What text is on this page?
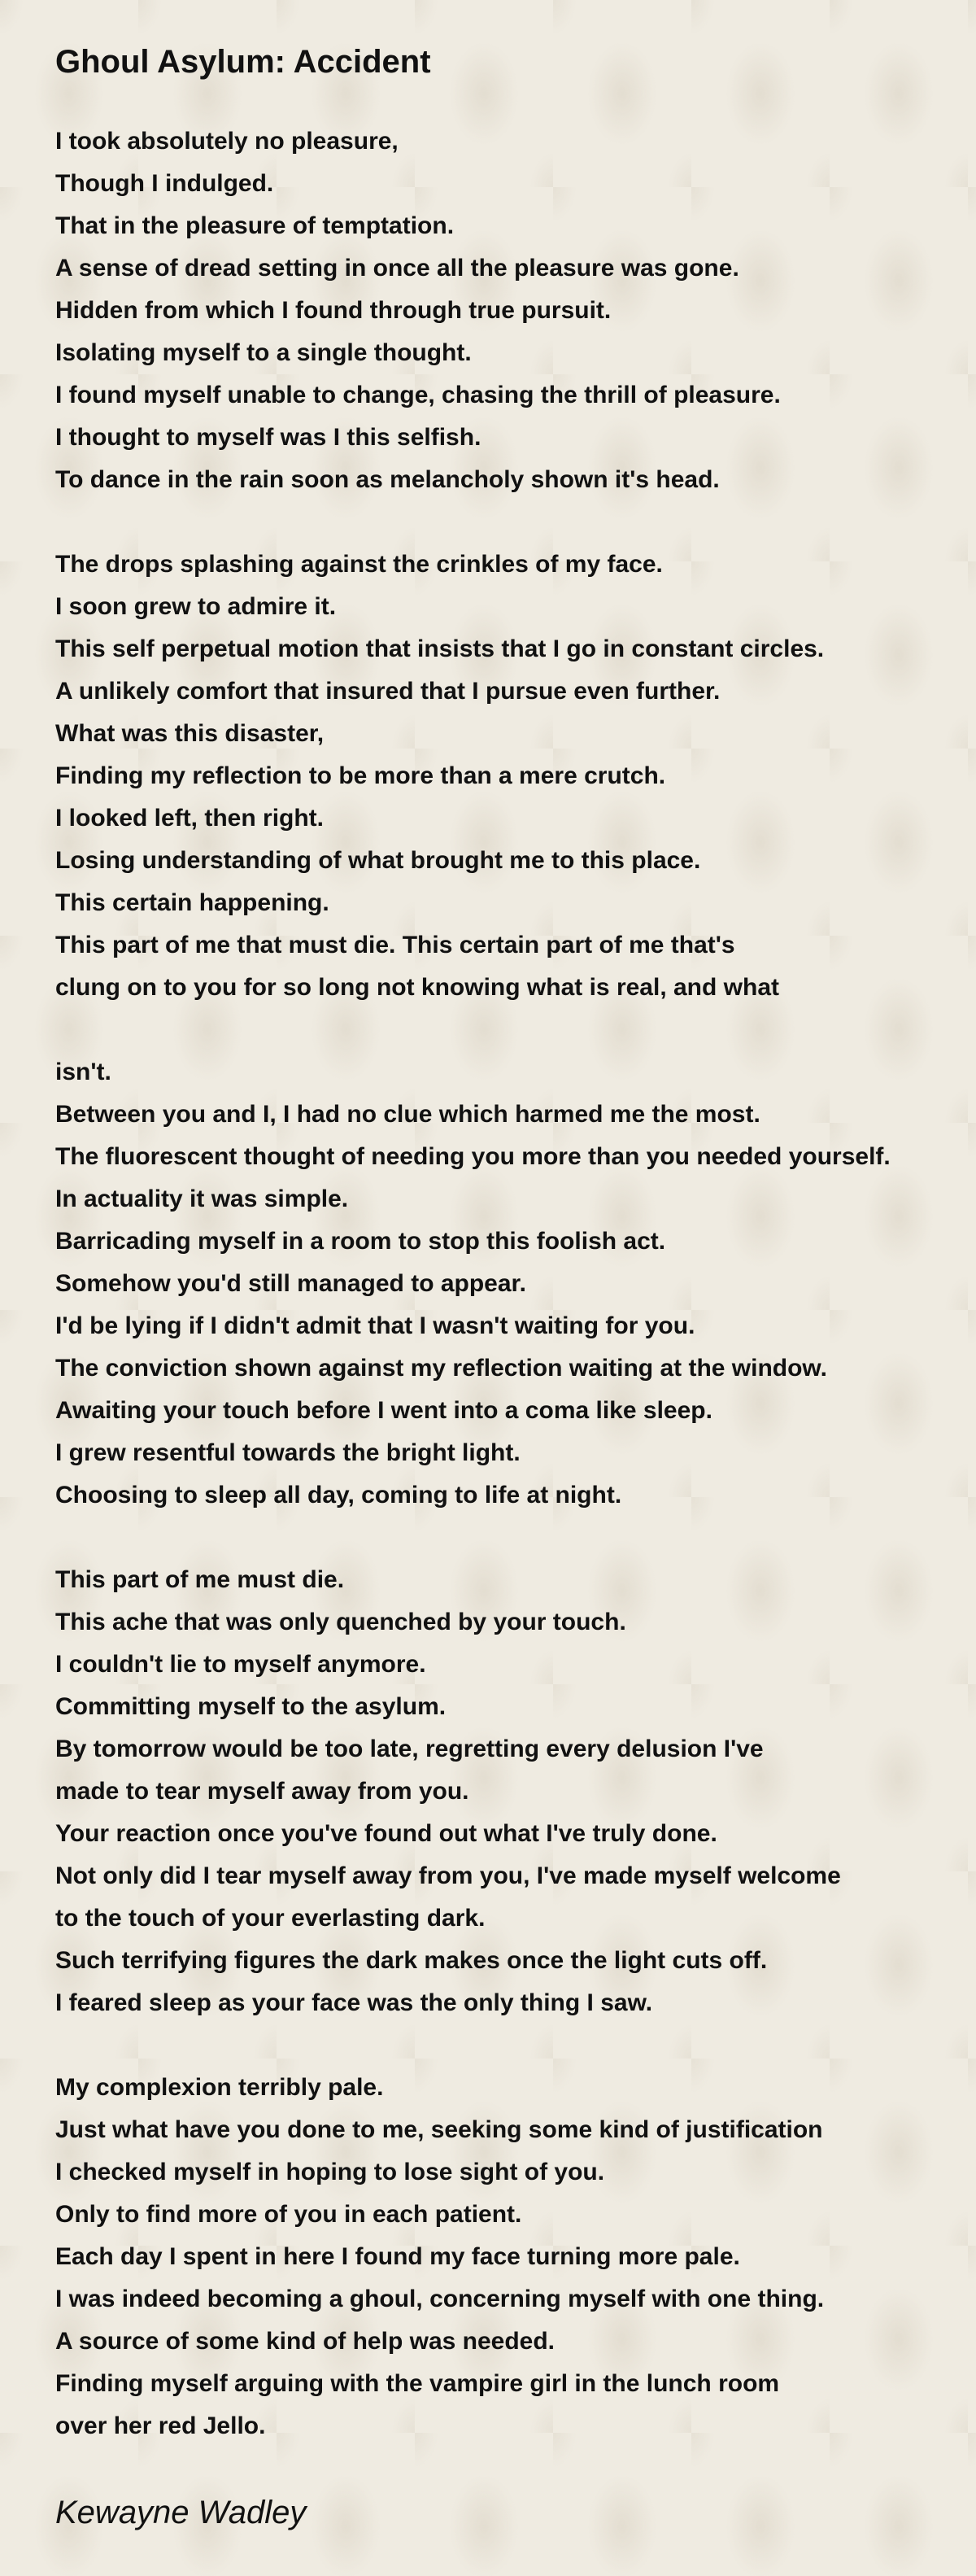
Ghoul Asylum: Accident
I took absolutely no pleasure,
Though I indulged.
That in the pleasure of temptation.
A sense of dread setting in once all the pleasure was gone.
Hidden from which I found through true pursuit.
Isolating myself to a single thought.
I found myself unable to change, chasing the thrill of pleasure.
I thought to myself was I this selfish.
To dance in the rain soon as melancholy shown it's head.
The drops splashing against the crinkles of my face.
I soon grew to admire it.
This self perpetual motion that insists that I go in constant circles.
A unlikely comfort that insured that I pursue even further.
What was this disaster,
Finding my reflection to be more than a mere crutch.
I looked left, then right.
Losing understanding of what brought me to this place.
This certain happening.
This part of me that must die. This certain part of me that's
clung on to you for so long not knowing what is real, and what
isn't.
Between you and I, I had no clue which harmed me the most.
The fluorescent thought of needing you more than you needed yourself.
In actuality it was simple.
Barricading myself in a room to stop this foolish act.
Somehow you'd still managed to appear.
I'd be lying if I didn't admit that I wasn't waiting for you.
The conviction shown against my reflection waiting at the window.
Awaiting your touch before I went into a coma like sleep.
I grew resentful towards the bright light.
Choosing to sleep all day, coming to life at night.
This part of me must die.
This ache that was only quenched by your touch.
I couldn't lie to myself anymore.
Committing myself to the asylum.
By tomorrow would be too late, regretting every delusion I've
made to tear myself away from you.
Your reaction once you've found out what I've truly done.
Not only did I tear myself away from you, I've made myself welcome
to the touch of your everlasting dark.
Such terrifying figures the dark makes once the light cuts off.
I feared sleep as your face was the only thing I saw.
My complexion terribly pale.
Just what have you done to me, seeking some kind of justification
I checked myself in hoping to lose sight of you.
Only to find more of you in each patient.
Each day I spent in here I found my face turning more pale.
I was indeed becoming a ghoul, concerning myself with one thing.
A source of some kind of help was needed.
Finding myself arguing with the vampire girl in the lunch room
over her red Jello.
Kewayne Wadley
